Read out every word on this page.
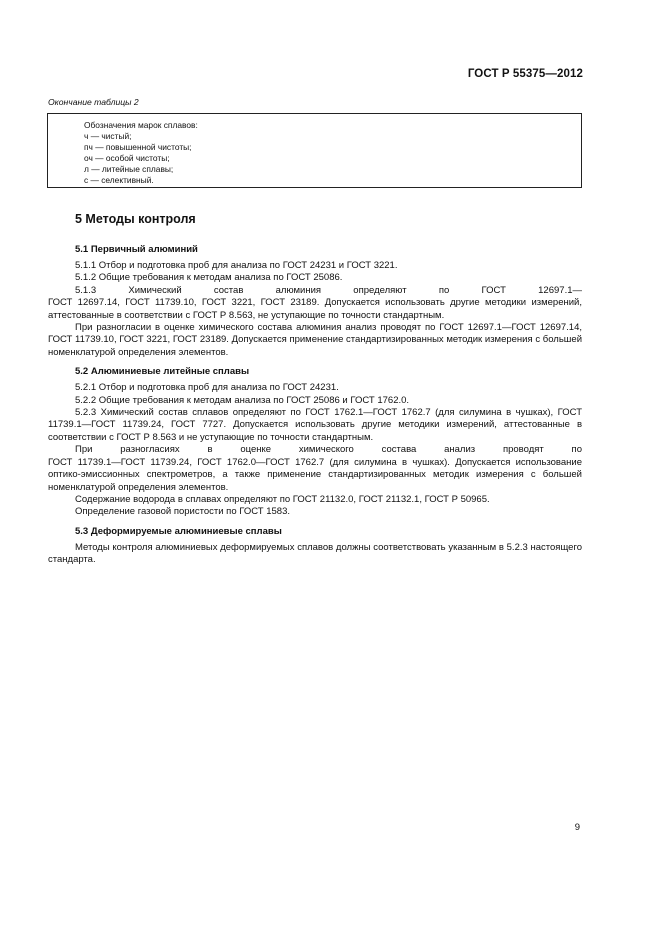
ГОСТ Р 55375—2012
Окончание таблицы 2
Обозначения марок сплавов:
ч — чистый;
пч — повышенной чистоты;
оч — особой чистоты;
л — литейные сплавы;
с — селективный.
5 Методы контроля
5.1 Первичный алюминий

5.1.1 Отбор и подготовка проб для анализа по ГОСТ 24231 и ГОСТ 3221.

5.1.2 Общие требования к методам анализа по ГОСТ 25086.

5.1.3 Химический состав алюминия определяют по ГОСТ 12697.1—

ГОСТ 12697.14, ГОСТ 11739.10, ГОСТ 3221, ГОСТ 23189. Допускается использовать другие методики измерений, аттестованные в соответствии с ГОСТ Р 8.563, не уступающие по точности стандартным.

При разногласии в оценке химического состава алюминия анализ проводят по ГОСТ 12697.1—ГОСТ 12697.14, ГОСТ 11739.10, ГОСТ 3221, ГОСТ 23189. Допускается применение стандартизированных методик измерения с большей номенклатурой определения элементов.

5.2 Алюминиевые литейные сплавы

5.2.1 Отбор и подготовка проб для анализа по ГОСТ 24231.

5.2.2 Общие требования к методам анализа по ГОСТ 25086 и ГОСТ 1762.0.

5.2.3 Химический состав сплавов определяют по ГОСТ 1762.1—ГОСТ 1762.7 (для силумина в чушках), ГОСТ 11739.1—ГОСТ 11739.24, ГОСТ 7727. Допускается использовать другие методики измерений, аттестованные в соответствии с ГОСТ Р 8.563 и не уступающие по точности стандартным.

При разногласиях в оценке химического состава анализ проводят по

ГОСТ 11739.1—ГОСТ 11739.24, ГОСТ 1762.0—ГОСТ 1762.7 (для силумина в чушках). Допускается использование оптико-эмиссионных спектрометров, а также применение стандартизированных методик измерения с большей номенклатурой определения элементов.

Содержание водорода в сплавах определяют по ГОСТ 21132.0, ГОСТ 21132.1, ГОСТ Р 50965.

Определение газовой пористости по ГОСТ 1583.

5.3 Деформируемые алюминиевые сплавы

Методы контроля алюминиевых деформируемых сплавов должны соответствовать указанным в 5.2.3 настоящего стандарта.

9
